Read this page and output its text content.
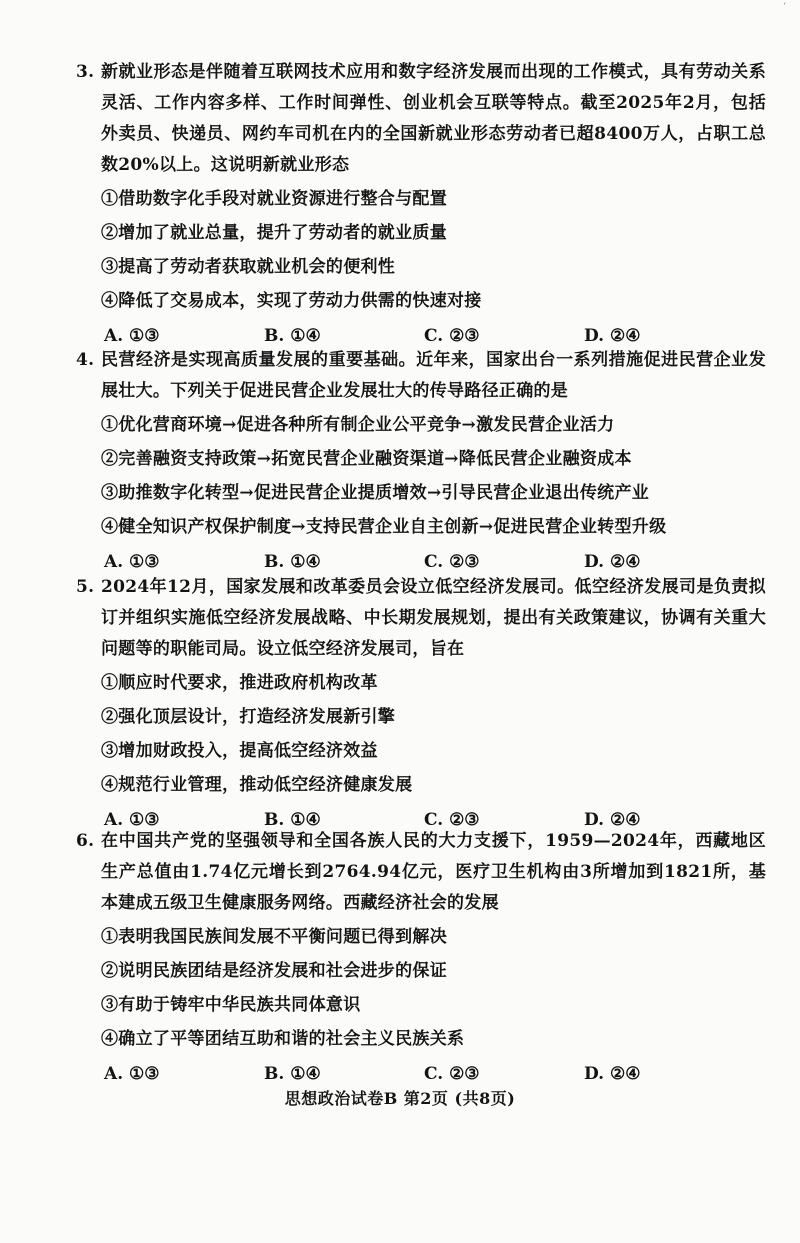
ʻ
3. 新就业形态是伴随着互联网技术应用和数字经济发展而出现的工作模式，具有劳动关系灵活、工作内容多样、工作时间弹性、创业机会互联等特点。截至2025年2月，包括外卖员、快递员、网约车司机在内的全国新就业形态劳动者已超8400万人，占职工总数20%以上。这说明新就业形态
①借助数字化手段对就业资源进行整合与配置
②增加了就业总量，提升了劳动者的就业质量
③提高了劳动者获取就业机会的便利性
④降低了交易成本，实现了劳动力供需的快速对接
A. ①③	B. ①④	C. ②③	D. ②④
4. 民营经济是实现高质量发展的重要基础。近年来，国家出台一系列措施促进民营企业发展壮大。下列关于促进民营企业发展壮大的传导路径正确的是
①优化营商环境→促进各种所有制企业公平竞争→激发民营企业活力
②完善融资支持政策→拓宽民营企业融资渠道→降低民营企业融资成本
③助推数字化转型→促进民营企业提质增效→引导民营企业退出传统产业
④健全知识产权保护制度→支持民营企业自主创新→促进民营企业转型升级
A. ①③	B. ①④	C. ②③	D. ②④
5. 2024年12月，国家发展和改革委员会设立低空经济发展司。低空经济发展司是负责拟订并组织实施低空经济发展战略、中长期发展规划，提出有关政策建议，协调有关重大问题等的职能司局。设立低空经济发展司，旨在
①顺应时代要求，推进政府机构改革
②强化顶层设计，打造经济发展新引擎
③增加财政投入，提高低空经济效益
④规范行业管理，推动低空经济健康发展
A. ①③	B. ①④	C. ②③	D. ②④
6. 在中国共产党的坚强领导和全国各族人民的大力支援下，1959—2024年，西藏地区生产总值由1.74亿元增长到2764.94亿元，医疗卫生机构由3所增加到1821所，基本建成五级卫生健康服务网络。西藏经济社会的发展
①表明我国民族间发展不平衡问题已得到解决
②说明民族团结是经济发展和社会进步的保证
③有助于铸牢中华民族共同体意识
④确立了平等团结互助和谐的社会主义民族关系
A. ①③	B. ①④	C. ②③	D. ②④
思想政治试卷B 第2页 (共8页)
